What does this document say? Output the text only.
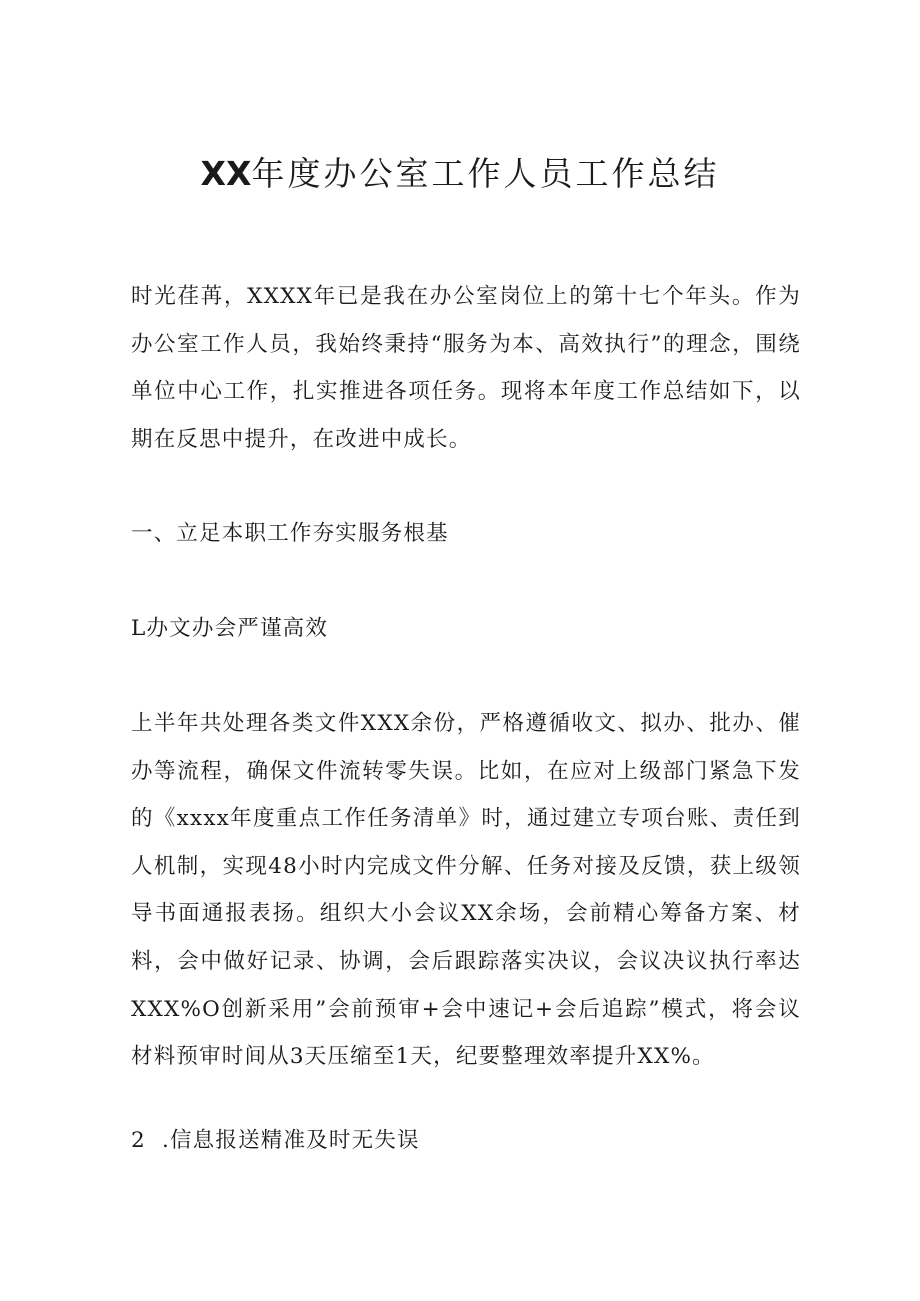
XX年度办公室工作人员工作总结

时光荏苒，XXXX年已是我在办公室岗位上的第十七个年头。作为办公室工作人员，我始终秉持“服务为本、高效执行”的理念，围绕单位中心工作，扎实推进各项任务。现将本年度工作总结如下，以期在反思中提升，在改进中成长。

一、立足本职工作夯实服务根基
L办文办会严谨高效

上半年共处理各类文件XXX余份，严格遵循收文、拟办、批办、催办等流程，确保文件流转零失误。比如，在应对上级部门紧急下发的《xxxx年度重点工作任务清单》时，通过建立专项台账、责任到人机制，实现48小时内完成文件分解、任务对接及反馈，获上级领导书面通报表扬。组织大小会议XX余场，会前精心筹备方案、材料，会中做好记录、协调，会后跟踪落实决议，会议决议执行率达XXX%O创新采用”会前预审+会中速记+会后追踪”模式，将会议材料预审时间从3天压缩至1天，纪要整理效率提升XX%。

2  .信息报送精准及时无失误
